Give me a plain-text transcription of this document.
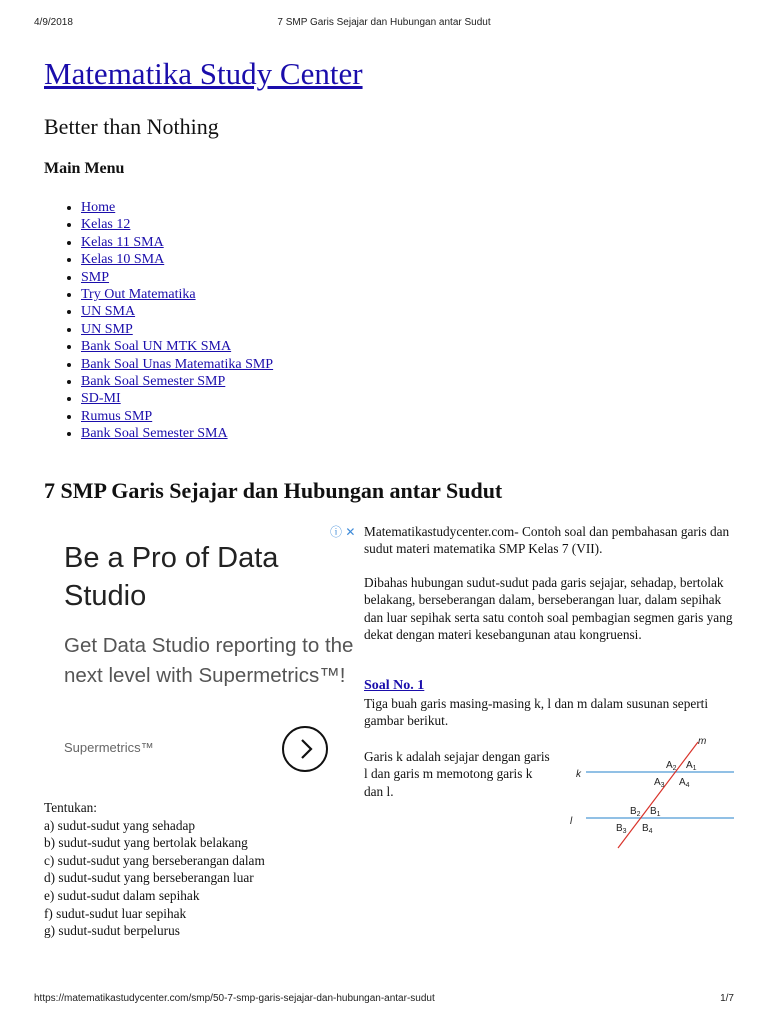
4/9/2018	7 SMP Garis Sejajar dan Hubungan antar Sudut
Matematika Study Center
Better than Nothing
Main Menu
• Home
• Kelas 12
• Kelas 11 SMA
• Kelas 10 SMA
• SMP
• Try Out Matematika
• UN SMA
• UN SMP
• Bank Soal UN MTK SMA
• Bank Soal Unas Matematika SMP
• Bank Soal Semester SMP
• SD-MI
• Rumus SMP
• Bank Soal Semester SMA
7 SMP Garis Sejajar dan Hubungan antar Sudut
Be a Pro of Data Studio
Get Data Studio reporting to the next level with Supermetrics™!
Supermetrics™
ⓘ ✕ Matematikastudycenter.com- Contoh soal dan pembahasan garis dan sudut materi matematika SMP Kelas 7 (VII).

Dibahas hubungan sudut-sudut pada garis sejajar, sehadap, bertolak belakang, berseberangan dalam, berseberangan luar, dalam sepihak dan luar sepihak serta satu contoh soal pembagian segmen garis yang dekat dengan materi kesebangunan atau kongruensi.

Soal No. 1

Tiga buah garis masing-masing k, l dan m dalam susunan seperti gambar berikut.

Garis k adalah sejajar dengan garis l dan garis m memotong garis k dan l.

m
k
l
$A_2$ $A_1$
$A_3$ $A_4$
$B_2$ $B_1$
$B_3$ $B_4$
Tentukan:
a) sudut-sudut yang sehadap
b) sudut-sudut yang bertolak belakang
c) sudut-sudut yang berseberangan dalam
d) sudut-sudut yang berseberangan luar
e) sudut-sudut dalam sepihak
f) sudut-sudut luar sepihak
g) sudut-sudut berpelurus
https://matematikastudycenter.com/smp/50-7-smp-garis-sejajar-dan-hubungan-antar-sudut	1/7
